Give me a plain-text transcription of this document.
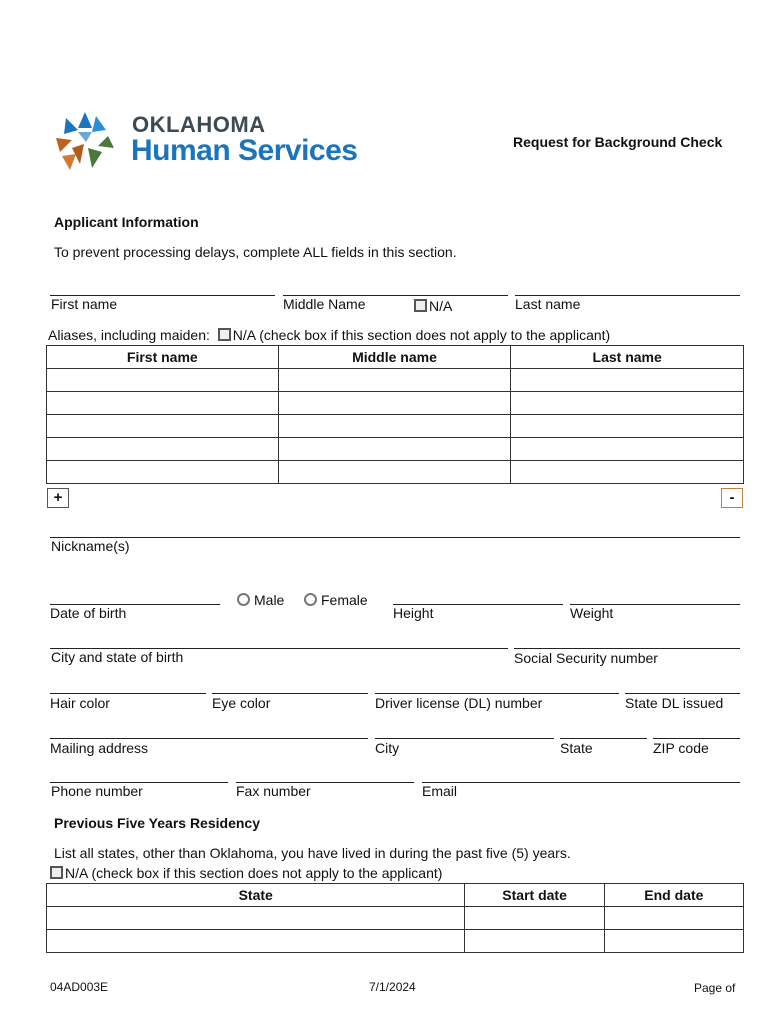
OKLAHOMA
Human Services	Request for Background Check
Applicant Information
To prevent processing delays, complete ALL fields in this section.
First name	Middle Name	N/A	Last name
Aliases, including maiden: N/A (check box if this section does not apply to the applicant)
First name	Middle name	Last name

+	-
Nickname(s)
Date of birth
Male	Female
Height	Weight
City and state of birth	Social Security number
Hair color	Eye color	Driver license (DL) number	State DL issued
Mailing address	City	State	ZIP code
Phone number	Fax number	Email
Previous Five Years Residency
List all states, other than Oklahoma, you have lived in during the past five (5) years.
N/A (check box if this section does not apply to the applicant)
State	Start date	End date

04AD003E	7/1/2024	Page of
